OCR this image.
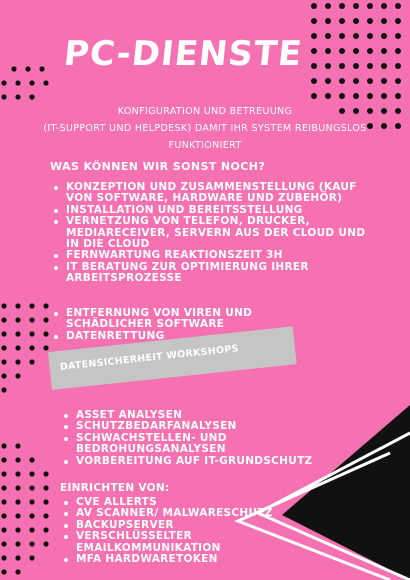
PC-DIENSTE

KONFIGURATION UND BETREUUNG
(IT-SUPPORT UND HELPDESK) DAMIT IHR SYSTEM REIBUNGSLOS
FUNKTIONIERT

WAS KÖNNEN WIR SONST NOCH?
KONZEPTION UND ZUSAMMENSTELLUNG (KAUF VON SOFTWARE, HARDWARE UND ZUBEHÖR)
INSTALLATION UND BEREITSSTELLUNG
VERNETZUNG VON TELEFON, DRUCKER, MEDIARECEIVER, SERVERN AUS DER CLOUD UND IN DIE CLOUD
FERNWARTUNG REAKTIONSZEIT 3H
IT BERATUNG ZUR OPTIMIERUNG IHRER ARBEITSPROZESSE
ENTFERNUNG VON VIREN UND SCHÄDLICHER SOFTWARE
DATENRETTUNG

DATENSICHERHEIT WORKSHOPS

ASSET ANALYSEN
SCHUTZBEDARFANALYSEN
SCHWACHSTELLEN- UND BEDROHUNGSANALYSEN
VORBEREITUNG AUF IT-GRUNDSCHUTZ

EINRICHTEN VON:

CVE ALLERTS
AV SCANNER/ MALWARESCHUTZ
BACKUPSERVER
VERSCHLÜSSELTER EMAILKOMMUNIKATION
MFA HARDWARETOKEN
